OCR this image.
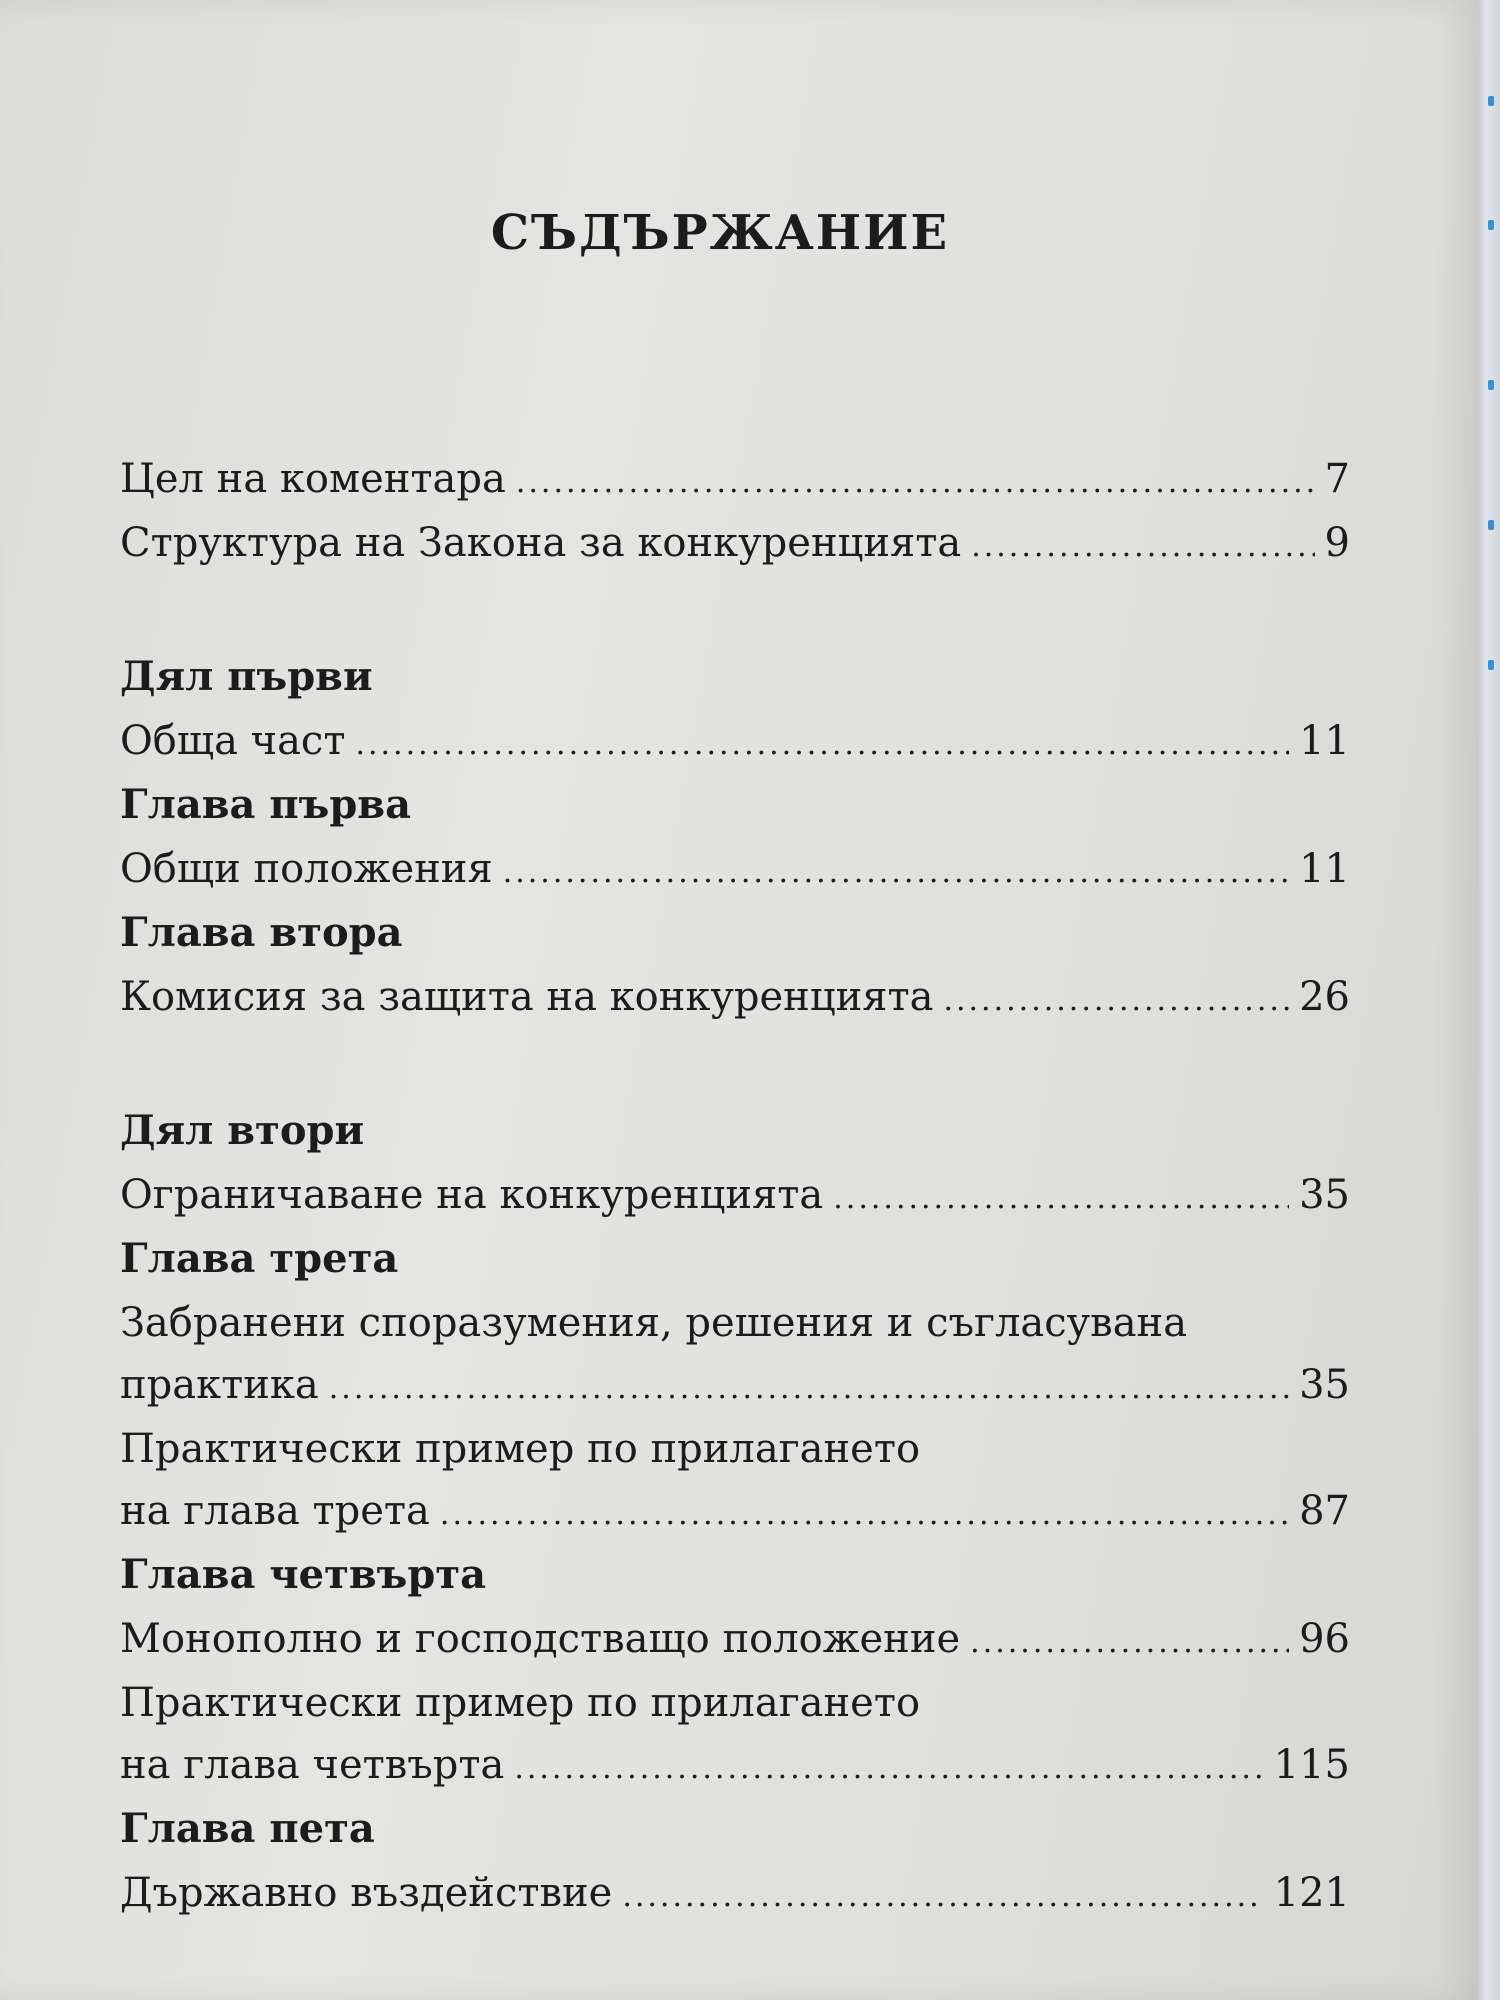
СЪДЪРЖАНИЕ
Цел на коментара .....	7
Структура на Закона за конкуренцията .....	9
Дял първи
Обща част .....	11
Глава първа
Общи положения .....	11
Глава втора
Комисия за защита на конкуренцията .....	26
Дял втори
Ограничаване на конкуренцията .....	35
Глава трета
Забранени споразумения, решения и съгласувана
практика .....	35
Практически пример по прилагането
на глава трета .....	87
Глава четвърта
Монополно и господстващо положение .....	96
Практически пример по прилагането
на глава четвърта .....	115
Глава пета
Държавно въздействие .....	121
